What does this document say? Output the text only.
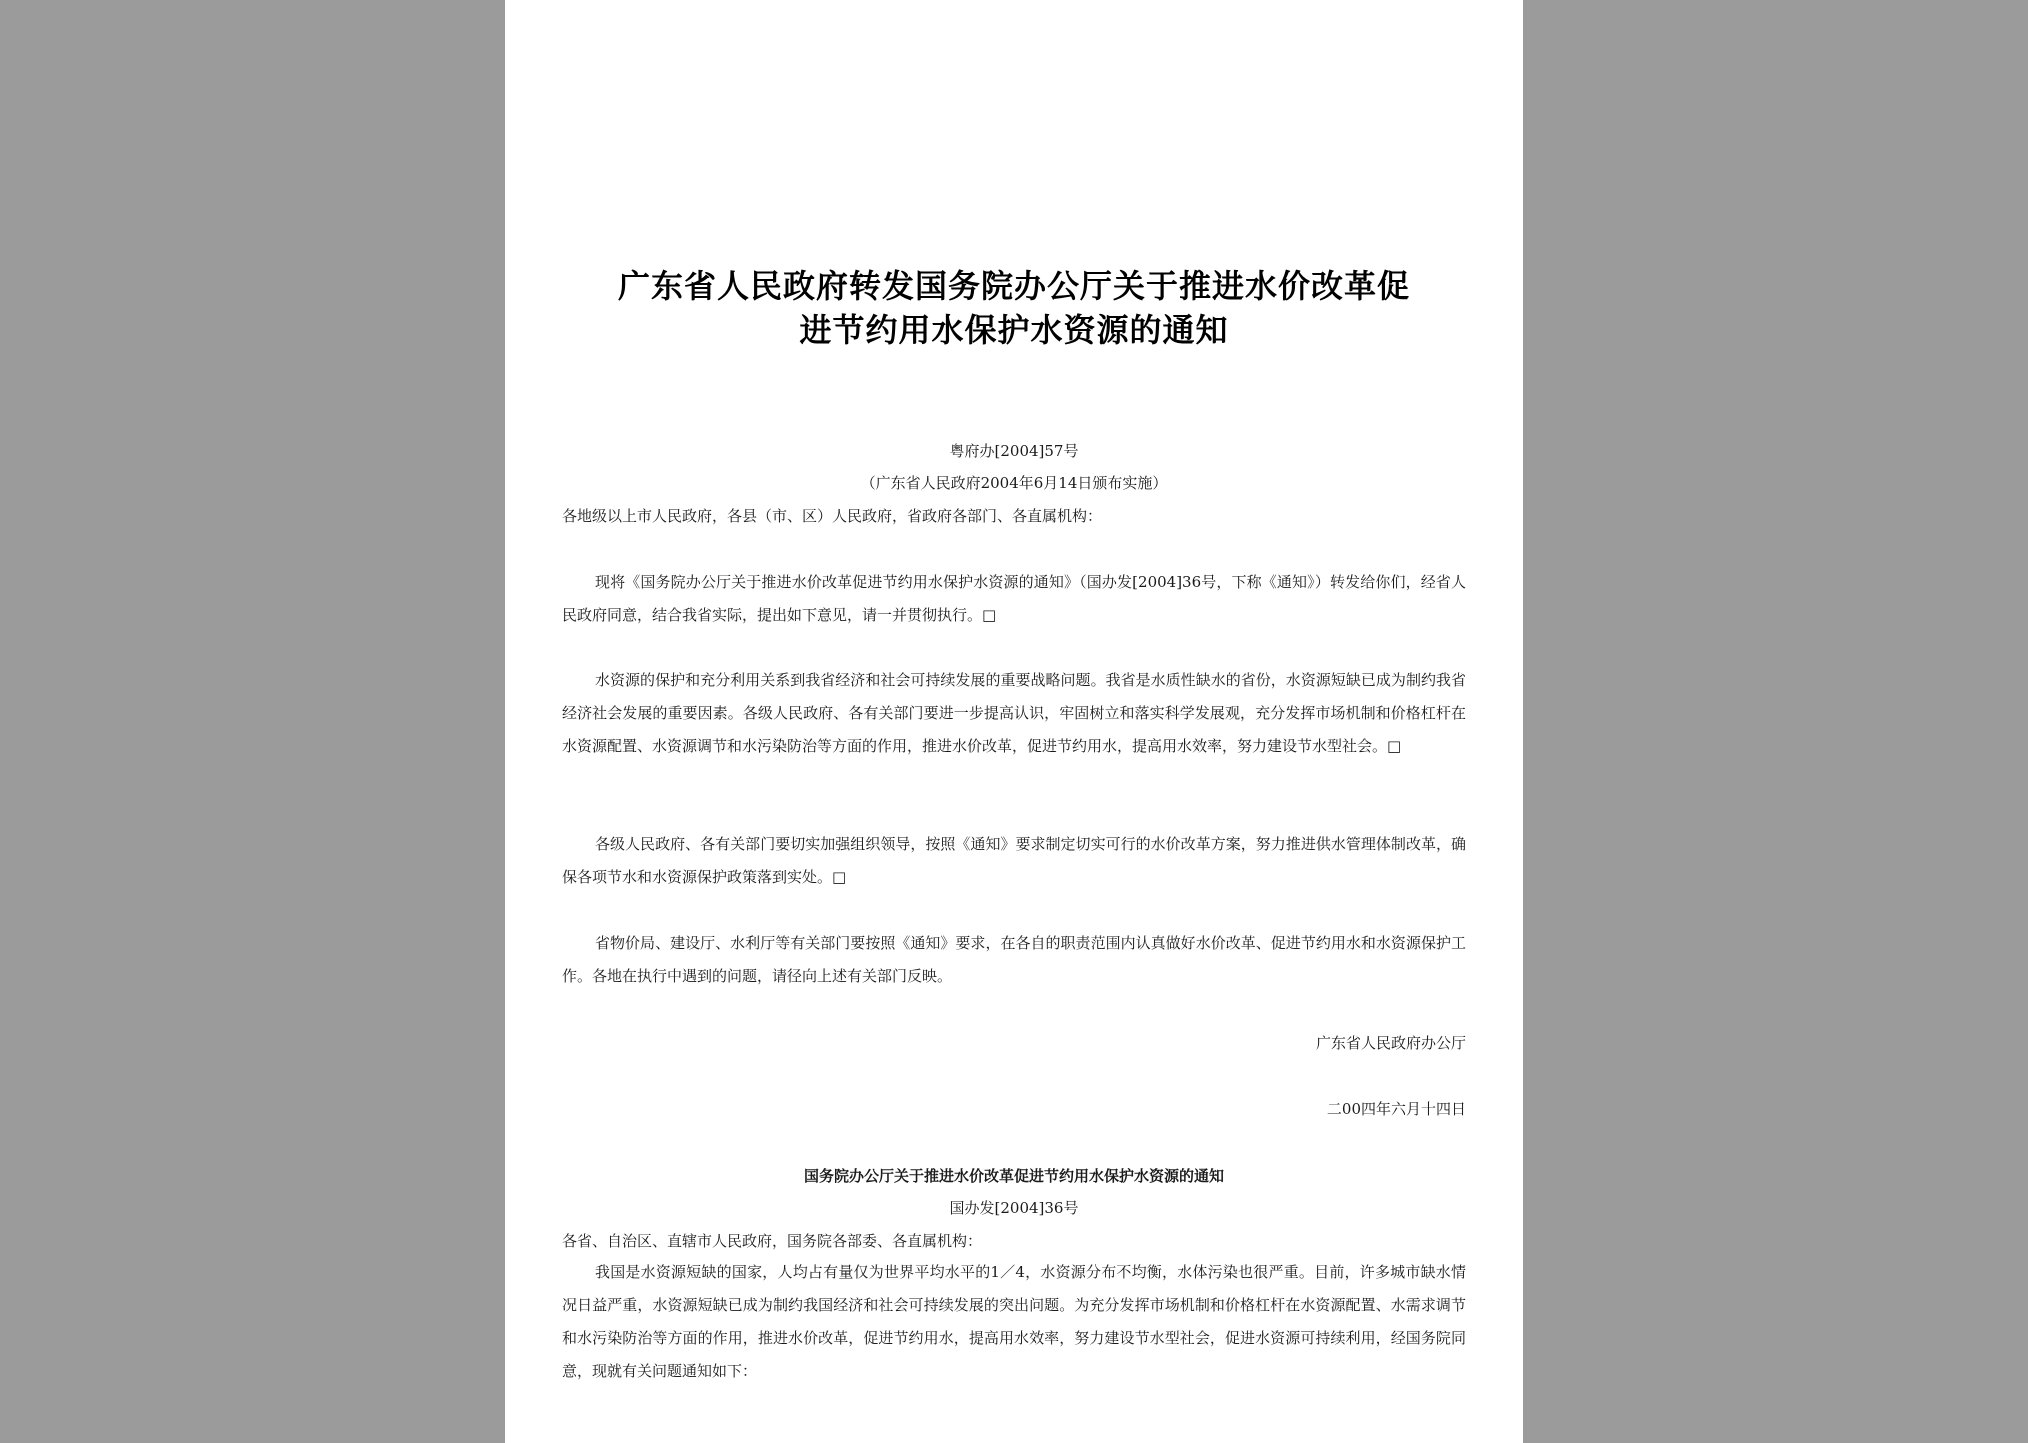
广东省人民政府转发国务院办公厅关于推进水价改革促
进节约用水保护水资源的通知
粤府办[2004]57号
（广东省人民政府2004年6月14日颁布实施）
各地级以上市人民政府，各县（市、区）人民政府，省政府各部门、各直属机构：
现将《国务院办公厅关于推进水价改革促进节约用水保护水资源的通知》（国办发[2004]36号，下称《通知》）转发给你们，经省人民政府同意，结合我省实际，提出如下意见，请一并贯彻执行。□
水资源的保护和充分利用关系到我省经济和社会可持续发展的重要战略问题。我省是水质性缺水的省份，水资源短缺已成为制约我省经济社会发展的重要因素。各级人民政府、各有关部门要进一步提高认识，牢固树立和落实科学发展观，充分发挥市场机制和价格杠杆在水资源配置、水资源调节和水污染防治等方面的作用，推进水价改革，促进节约用水，提高用水效率，努力建设节水型社会。□
各级人民政府、各有关部门要切实加强组织领导，按照《通知》要求制定切实可行的水价改革方案，努力推进供水管理体制改革，确保各项节水和水资源保护政策落到实处。□
省物价局、建设厅、水利厅等有关部门要按照《通知》要求，在各自的职责范围内认真做好水价改革、促进节约用水和水资源保护工作。各地在执行中遇到的问题，请径向上述有关部门反映。
广东省人民政府办公厅
二00四年六月十四日
国务院办公厅关于推进水价改革促进节约用水保护水资源的通知
国办发[2004]36号
各省、自治区、直辖市人民政府，国务院各部委、各直属机构：
我国是水资源短缺的国家，人均占有量仅为世界平均水平的1／4，水资源分布不均衡，水体污染也很严重。目前，许多城市缺水情况日益严重，水资源短缺已成为制约我国经济和社会可持续发展的突出问题。为充分发挥市场机制和价格杠杆在水资源配置、水需求调节和水污染防治等方面的作用，推进水价改革，促进节约用水，提高用水效率，努力建设节水型社会，促进水资源可持续利用，经国务院同意，现就有关问题通知如下：
